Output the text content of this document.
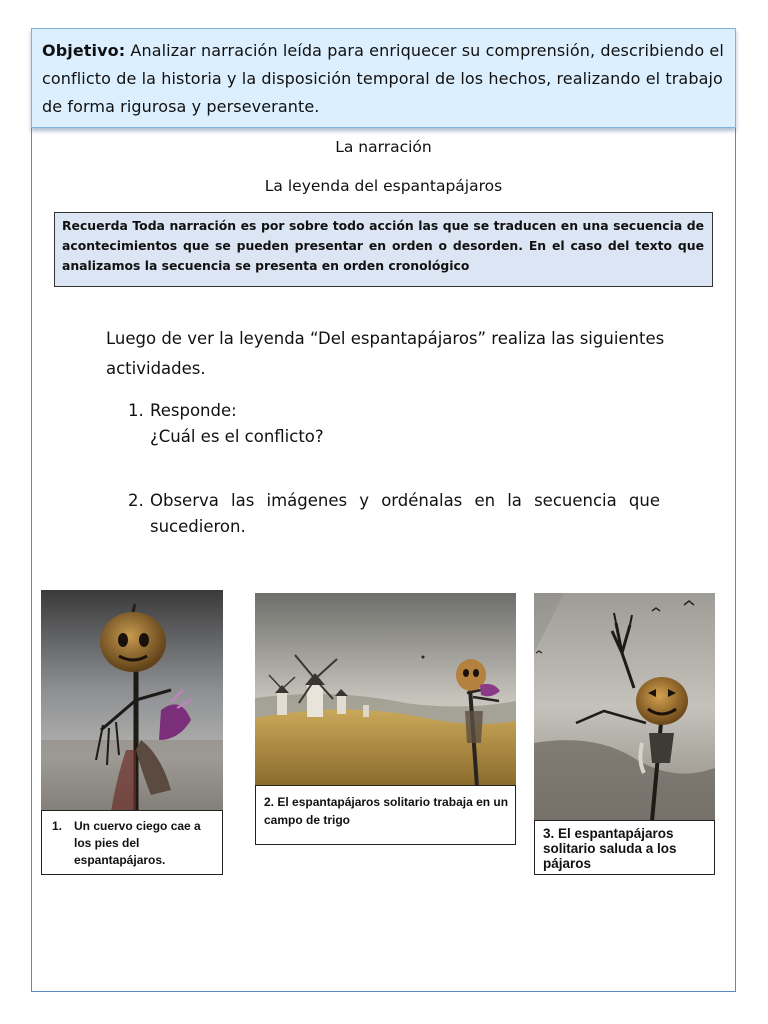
Objetivo: Analizar narración leída para enriquecer su comprensión, describiendo el conflicto de la historia y la disposición temporal de los hechos, realizando el trabajo de forma rigurosa y perseverante.
La narración
La leyenda del espantapájaros
Recuerda Toda narración es por sobre todo acción las que se traducen en una secuencia de acontecimientos que se pueden presentar en orden o desorden. En el caso del texto que analizamos la secuencia se presenta en orden cronológico
Luego de ver la leyenda “Del espantapájaros” realiza las siguientes actividades.
1. Responde:
¿Cuál es el conflicto?
2. Observa las imágenes y ordénalas en la secuencia que sucedieron.
1. Un cuervo ciego cae a los pies del espantapájaros.
2. El espantapájaros solitario trabaja en un campo de trigo
3. El espantapájaros solitario saluda a los pájaros
